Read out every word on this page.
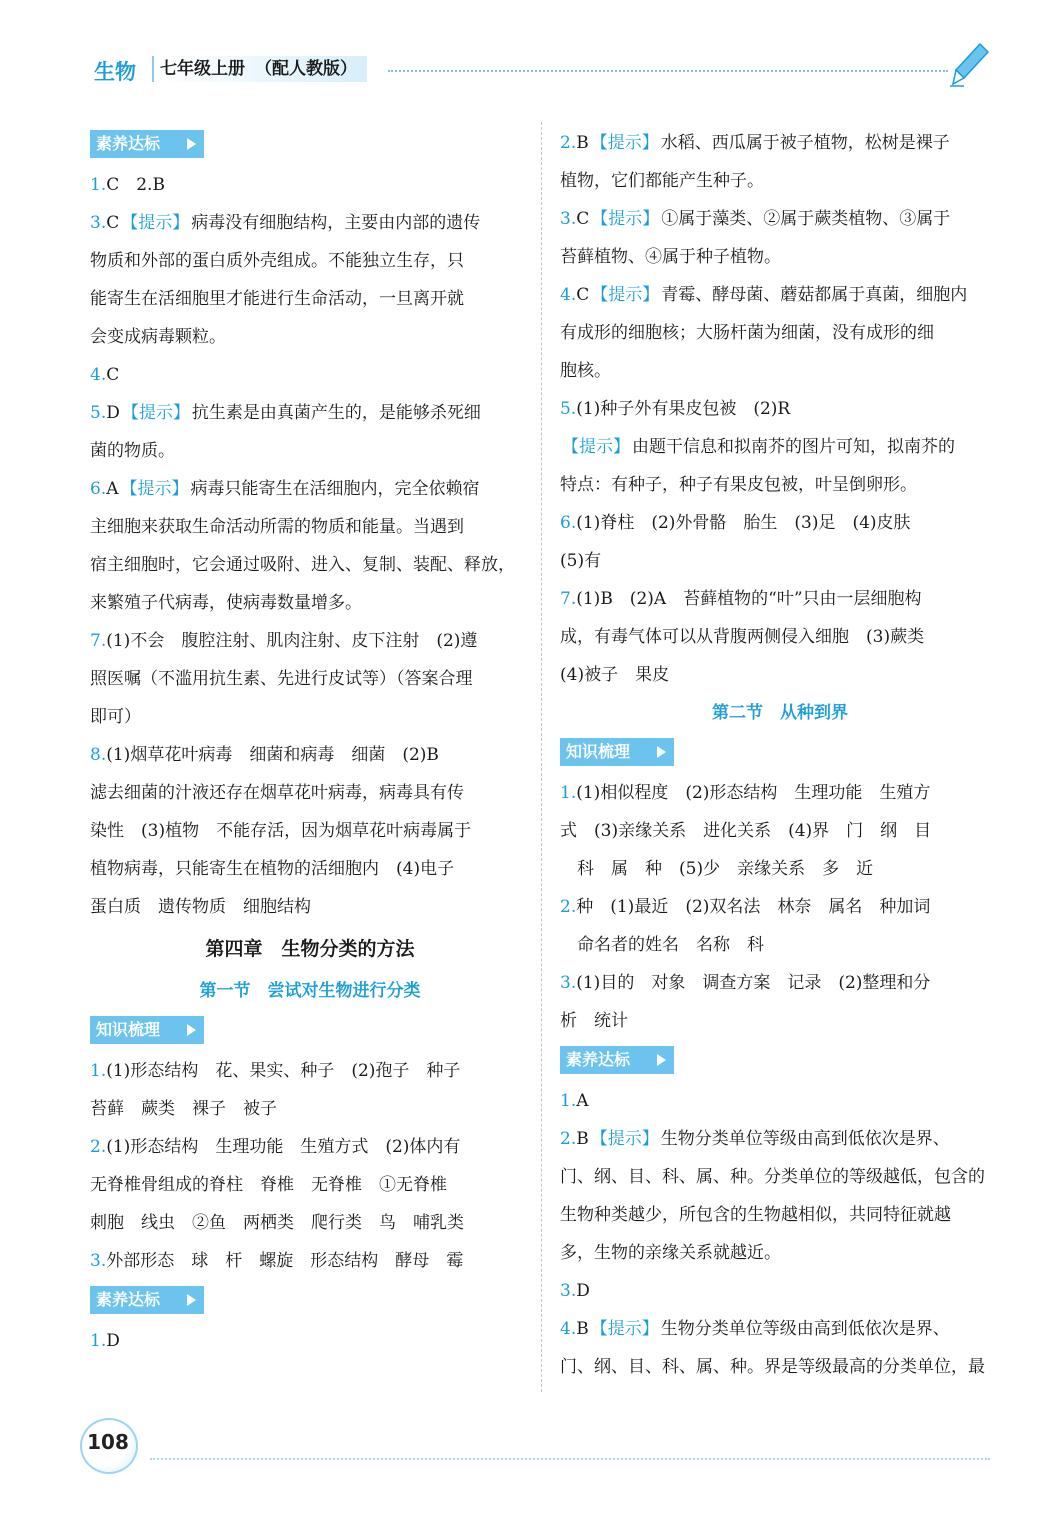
生物	七年级上册 （配人教版）
素养达标
1.C　2.B
3.C 【提示】 病毒没有细胞结构，主要由内部的遗传
物质和外部的蛋白质外壳组成。不能独立生存，只
能寄生在活细胞里才能进行生命活动，一旦离开就
会变成病毒颗粒。
4.C
5.D 【提示】 抗生素是由真菌产生的，是能够杀死细
菌的物质。
6.A 【提示】 病毒只能寄生在活细胞内，完全依赖宿
主细胞来获取生命活动所需的物质和能量。当遇到
宿主细胞时，它会通过吸附、进入、复制、装配、释放，
来繁殖子代病毒，使病毒数量增多。
7.(1)不会　腹腔注射、肌肉注射、皮下注射　(2)遵
照医嘱（不滥用抗生素、先进行皮试等）（答案合理
即可）
8.(1)烟草花叶病毒　细菌和病毒　细菌　(2)B
滤去细菌的汁液还存在烟草花叶病毒，病毒具有传
染性　(3)植物　不能存活，因为烟草花叶病毒属于
植物病毒，只能寄生在植物的活细胞内　(4)电子
蛋白质　遗传物质　细胞结构
第四章　生物分类的方法
第一节　尝试对生物进行分类
知识梳理
1.(1)形态结构　花、果实、种子　(2)孢子　种子
苔藓　蕨类　裸子　被子
2.(1)形态结构　生理功能　生殖方式　(2)体内有
无脊椎骨组成的脊柱　脊椎　无脊椎　①无脊椎
刺胞　线虫　②鱼　两栖类　爬行类　鸟　哺乳类
3.外部形态　球　杆　螺旋　形态结构　酵母　霉
素养达标
1.D
2.B 【提示】 水稻、西瓜属于被子植物，松树是裸子
植物，它们都能产生种子。
3.C 【提示】 ①属于藻类、②属于蕨类植物、③属于
苔藓植物、④属于种子植物。
4.C 【提示】 青霉、酵母菌、蘑菇都属于真菌，细胞内
有成形的细胞核；大肠杆菌为细菌，没有成形的细
胞核。
5.(1)种子外有果皮包被　(2)R
【提示】 由题干信息和拟南芥的图片可知，拟南芥的
特点：有种子，种子有果皮包被，叶呈倒卵形。
6.(1)脊柱　(2)外骨骼　胎生　(3)足　(4)皮肤
(5)有
7.(1)B　(2)A　苔藓植物的“叶”只由一层细胞构
成，有毒气体可以从背腹两侧侵入细胞　(3)蕨类
(4)被子　果皮
第二节　从种到界
知识梳理
1.(1)相似程度　(2)形态结构　生理功能　生殖方
式　(3)亲缘关系　进化关系　(4)界　门　纲　目
　科　属　种　(5)少　亲缘关系　多　近
2.种　(1)最近　(2)双名法　林奈　属名　种加词
　命名者的姓名　名称　科
3.(1)目的　对象　调查方案　记录　(2)整理和分
析　统计
素养达标
1.A
2.B 【提示】 生物分类单位等级由高到低依次是界、
门、纲、目、科、属、种。分类单位的等级越低，包含的
生物种类越少，所包含的生物越相似，共同特征就越
多，生物的亲缘关系就越近。
3.D
4.B 【提示】 生物分类单位等级由高到低依次是界、
门、纲、目、科、属、种。界是等级最高的分类单位，最
108
